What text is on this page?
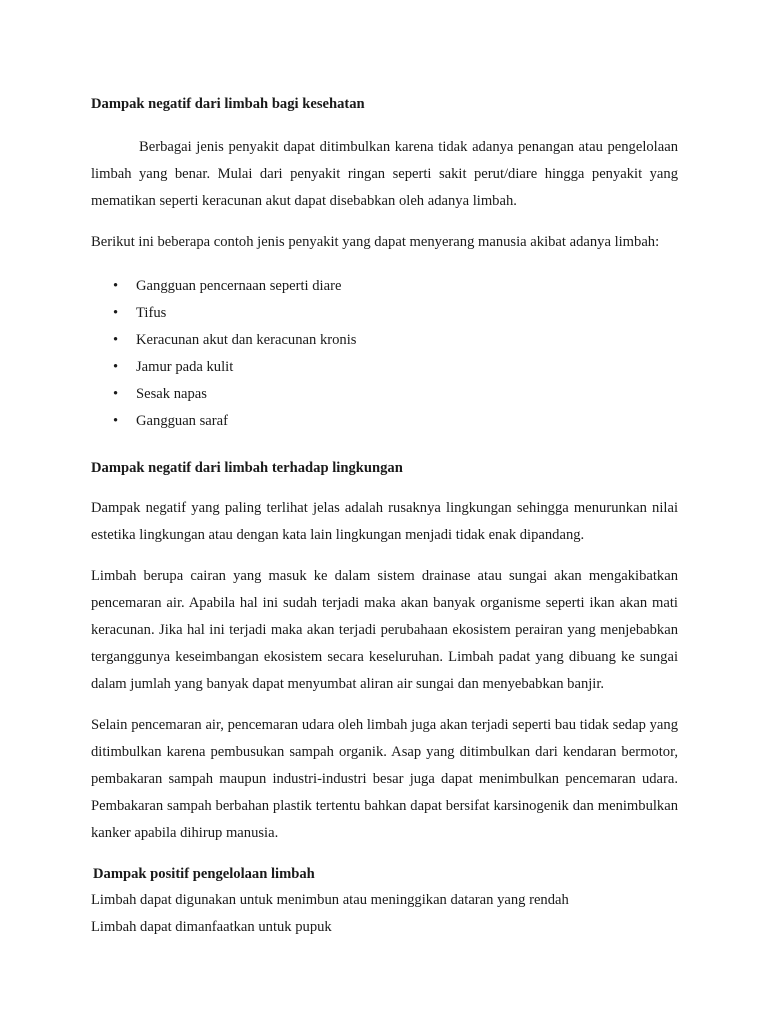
Dampak negatif dari limbah bagi kesehatan

Berbagai jenis penyakit dapat ditimbulkan karena tidak adanya penangan atau pengelolaan limbah yang benar. Mulai dari penyakit ringan seperti sakit perut/diare hingga penyakit yang mematikan seperti keracunan akut dapat disebabkan oleh adanya limbah.

Berikut ini beberapa contoh jenis penyakit yang dapat menyerang manusia akibat adanya limbah:

• Gangguan pencernaan seperti diare
• Tifus
• Keracunan akut dan keracunan kronis
• Jamur pada kulit
• Sesak napas
• Gangguan saraf
Dampak negatif dari limbah terhadap lingkungan

Dampak negatif yang paling terlihat jelas adalah rusaknya lingkungan sehingga menurunkan nilai estetika lingkungan atau dengan kata lain lingkungan menjadi tidak enak dipandang.

Limbah berupa cairan yang masuk ke dalam sistem drainase atau sungai akan mengakibatkan pencemaran air. Apabila hal ini sudah terjadi maka akan banyak organisme seperti ikan akan mati keracunan. Jika hal ini terjadi maka akan terjadi perubahaan ekosistem perairan yang menjebabkan terganggunya keseimbangan ekosistem secara keseluruhan. Limbah padat yang dibuang ke sungai dalam jumlah yang banyak dapat menyumbat aliran air sungai dan menyebabkan banjir.

Selain pencemaran air, pencemaran udara oleh limbah juga akan terjadi seperti bau tidak sedap yang ditimbulkan karena pembusukan sampah organik. Asap yang ditimbulkan dari kendaran bermotor, pembakaran sampah maupun industri-industri besar juga dapat menimbulkan pencemaran udara. Pembakaran sampah berbahan plastik tertentu bahkan dapat bersifat karsinogenik dan menimbulkan kanker apabila dihirup manusia.

Dampak positif pengelolaan limbah
Limbah dapat digunakan untuk menimbun atau meninggikan dataran yang rendah
Limbah dapat dimanfaatkan untuk pupuk
